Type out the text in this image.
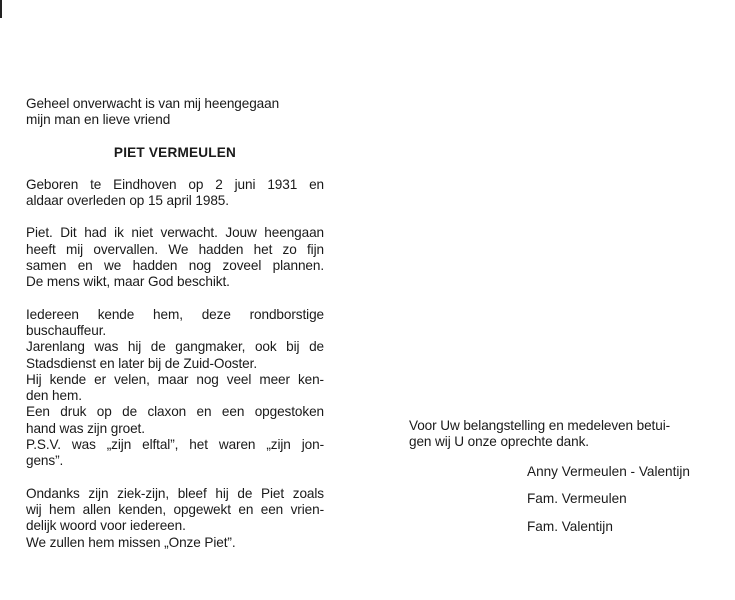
Geheel onverwacht is van mij heengegaan
mijn man en lieve vriend
PIET VERMEULEN
Geboren te Eindhoven op 2 juni 1931 en
aldaar overleden op 15 april 1985.
Piet. Dit had ik niet verwacht. Jouw heengaan
heeft mij overvallen. We hadden het zo fijn
samen en we hadden nog zoveel plannen.
De mens wikt, maar God beschikt.
Iedereen kende hem, deze rondborstige
buschauffeur.
Jarenlang was hij de gangmaker, ook bij de
Stadsdienst en later bij de Zuid-Ooster.
Hij kende er velen, maar nog veel meer ken-
den hem.
Een druk op de claxon en een opgestoken
hand was zijn groet.
P.S.V. was „zijn elftal”, het waren „zijn jon-
gens”.
Ondanks zijn ziek-zijn, bleef hij de Piet zoals
wij hem allen kenden, opgewekt en een vrien-
delijk woord voor iedereen.
We zullen hem missen „Onze Piet”.
Voor Uw belangstelling en medeleven betui-
gen wij U onze oprechte dank.
Anny Vermeulen - Valentijn
Fam. Vermeulen
Fam. Valentijn
